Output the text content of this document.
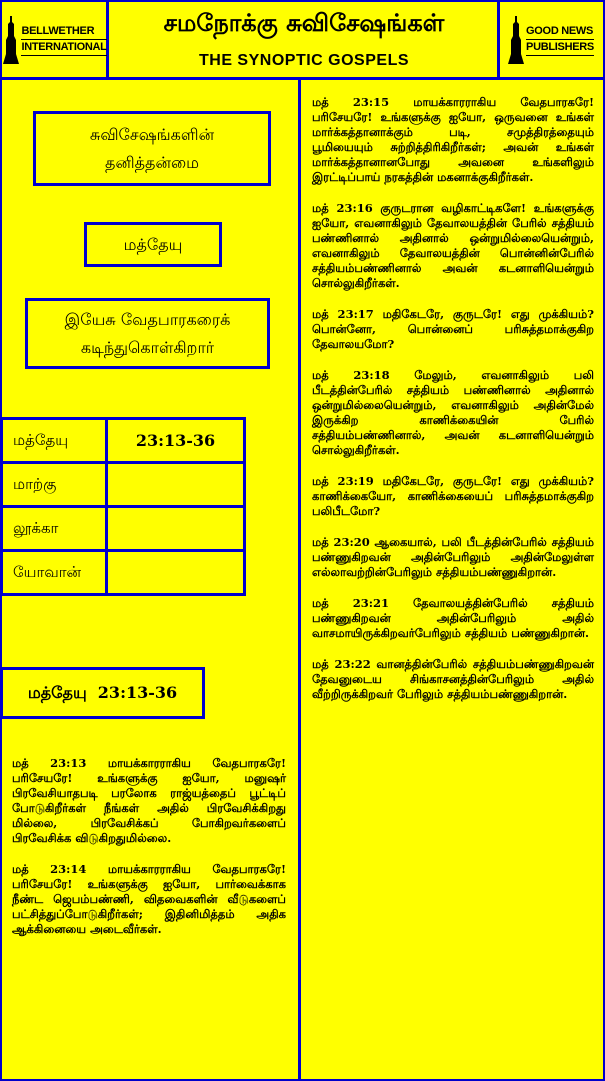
BELLWETHER
INTERNATIONAL
சமநோக்கு சுவிசேஷங்கள்
THE SYNOPTIC GOSPELS
GOOD NEWS
PUBLISHERS
சுவிசேஷங்களின் தனித்தன்மை
மத்தேயு
இயேசு வேதபாரகரைக் கடிந்துகொள்கிறார்
மத்தேயு	23:13-36
மாற்கு	
லூக்கா	
யோவான்	
மத்தேயு  23:13-36

மத் 23:13 மாயக்காரராகிய வேதபாரகரே! பரிசேயரே! உங்களுக்கு ஐயோ, மனுஷர் பிரவேசியாதபடி பரலோக ராஜ்யத்தைப் பூட்டிப் போடுகிறீர்கள் நீங்கள் அதில் பிரவேசிக்கிறது மில்லை, பிரவேசிக்கப் போகிறவர்களைப் பிரவேசிக்க விடுகிறதுமில்லை.

மத் 23:14 மாயக்காரராகிய வேதபாரகரே! பரிசேயரே! உங்களுக்கு ஐயோ, பார்வைக்காக நீண்ட ஜெபம்பண்ணி, விதவைகளின் வீடுகளைப் பட்சித்துப்போடுகிறீர்கள்; இதினிமித்தம் அதிக ஆக்கினையை அடைவீர்கள்.

மத் 23:15 மாயக்காரராகிய வேதபாரகரே! பரிசேயரே! உங்களுக்கு ஐயோ, ஒருவனை உங்கள் மார்க்கத்தானாக்கும் படி, சமுத்திரத்தையும் பூமியையும் சுற்றித்திரிகிறீர்கள்; அவன் உங்கள் மார்க்கத்தானானபோது அவனை உங்களிலும் இரட்டிப்பாய் நரகத்தின் மகனாக்குகிறீர்கள்.

மத் 23:16 குருடரான வழிகாட்டிகளே! உங்களுக்கு ஐயோ, எவனாகிலும் தேவாலயத்தின் பேரில் சத்தியம் பண்ணினால் அதினால் ஒன்றுமில்லையென்றும், எவனாகிலும் தேவாலயத்தின் பொன்னின்பேரில் சத்தியம்பண்ணினால் அவன் கடனாளியென்றும் சொல்லுகிறீர்கள்.

மத் 23:17 மதிகேடரே, குருடரே! எது முக்கியம்? பொன்னோ, பொன்னைப் பரிசுத்தமாக்குகிற தேவாலயமோ?

மத் 23:18 மேலும், எவனாகிலும் பலி பீடத்தின்பேரில் சத்தியம் பண்ணினால் அதினால் ஒன்றுமில்லையென்றும், எவனாகிலும் அதின்மேல் இருக்கிற காணிக்கையின் பேரில் சத்தியம்பண்ணினால், அவன் கடனாளியென்றும் சொல்லுகிறீர்கள்.

மத் 23:19 மதிகேடரே, குருடரே! எது முக்கியம்? காணிக்கையோ, காணிக்கையைப் பரிசுத்தமாக்குகிற பலிபீடமோ?

மத் 23:20 ஆகையால், பலி பீடத்தின்பேரில் சத்தியம் பண்ணுகிறவன் அதின்பேரிலும் அதின்மேலுள்ள எல்லாவற்றின்பேரிலும் சத்தியம்பண்ணுகிறான்.

மத் 23:21 தேவாலயத்தின்பேரில் சத்தியம் பண்ணுகிறவன் அதின்பேரிலும் அதில் வாசமாயிருக்கிறவர்பேரிலும் சத்தியம் பண்ணுகிறான்.

மத் 23:22 வானத்தின்பேரில் சத்தியம்பண்ணுகிறவன் தேவனுடைய சிங்காசனத்தின்பேரிலும் அதில் வீற்றிருக்கிறவர் பேரிலும் சத்தியம்பண்ணுகிறான்.
